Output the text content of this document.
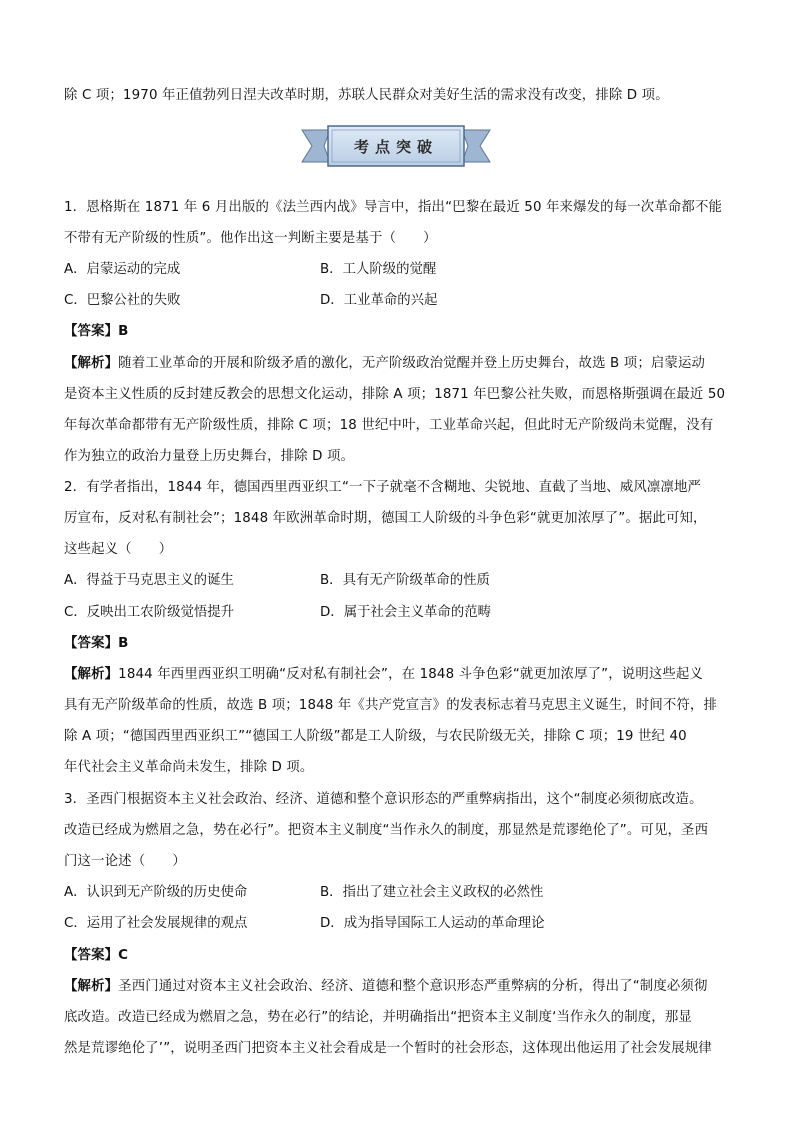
除 C 项；1970 年正值勃列日涅夫改革时期，苏联人民群众对美好生活的需求没有改变，排除 D 项。
考点突破
1．恩格斯在 1871 年 6 月出版的《法兰西内战》导言中，指出“巴黎在最近 50 年来爆发的每一次革命都不能
不带有无产阶级的性质”。他作出这一判断主要是基于（　　）
A．启蒙运动的完成	B．工人阶级的觉醒
C．巴黎公社的失败	D．工业革命的兴起
【答案】B
【解析】随着工业革命的开展和阶级矛盾的激化，无产阶级政治觉醒并登上历史舞台，故选 B 项；启蒙运动
是资本主义性质的反封建反教会的思想文化运动，排除 A 项；1871 年巴黎公社失败，而恩格斯强调在最近 50
年每次革命都带有无产阶级性质，排除 C 项；18 世纪中叶，工业革命兴起，但此时无产阶级尚未觉醒，没有
作为独立的政治力量登上历史舞台，排除 D 项。
2．有学者指出，1844 年，德国西里西亚织工“一下子就毫不含糊地、尖锐地、直截了当地、威风凛凛地严
厉宣布，反对私有制社会”；1848 年欧洲革命时期，德国工人阶级的斗争色彩“就更加浓厚了”。据此可知，
这些起义（　　）
A．得益于马克思主义的诞生	B．具有无产阶级革命的性质
C．反映出工农阶级觉悟提升	D．属于社会主义革命的范畴
【答案】B
【解析】1844 年西里西亚织工明确“反对私有制社会”，在 1848 斗争色彩“就更加浓厚了”，说明这些起义
具有无产阶级革命的性质，故选 B 项；1848 年《共产党宣言》的发表标志着马克思主义诞生，时间不符，排
除 A 项；“德国西里西亚织工”“德国工人阶级”都是工人阶级，与农民阶级无关，排除 C 项；19 世纪 40
年代社会主义革命尚未发生，排除 D 项。
3．圣西门根据资本主义社会政治、经济、道德和整个意识形态的严重弊病指出，这个“制度必须彻底改造。
改造已经成为燃眉之急，势在必行”。把资本主义制度“当作永久的制度，那显然是荒谬绝伦了”。可见，圣西
门这一论述（　　）
A．认识到无产阶级的历史使命	B．指出了建立社会主义政权的必然性
C．运用了社会发展规律的观点	D．成为指导国际工人运动的革命理论
【答案】C
【解析】圣西门通过对资本主义社会政治、经济、道德和整个意识形态严重弊病的分析，得出了“制度必须彻
底改造。改造已经成为燃眉之急，势在必行”的结论，并明确指出“把资本主义制度‘当作永久的制度，那显
然是荒谬绝伦了’”，说明圣西门把资本主义社会看成是一个暂时的社会形态，这体现出他运用了社会发展规律
